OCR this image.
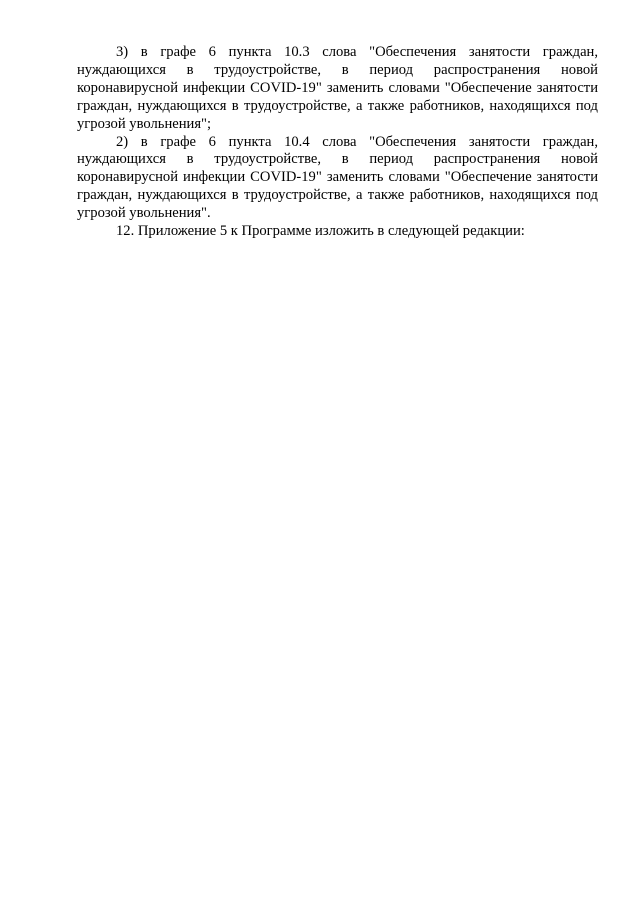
3) в графе 6 пункта 10.3 слова "Обеспечения занятости граждан, нуждающихся в трудоустройстве, в период распространения новой коронавирусной инфекции COVID-19" заменить словами "Обеспечение занятости граждан, нуждающихся в трудоустройстве, а также работников, находящихся под угрозой увольнения";

2) в графе 6 пункта 10.4 слова "Обеспечения занятости граждан, нуждающихся в трудоустройстве, в период распространения новой коронавирусной инфекции COVID-19" заменить словами "Обеспечение занятости граждан, нуждающихся в трудоустройстве, а также работников, находящихся под угрозой увольнения".

12. Приложение 5 к Программе изложить в следующей редакции:
